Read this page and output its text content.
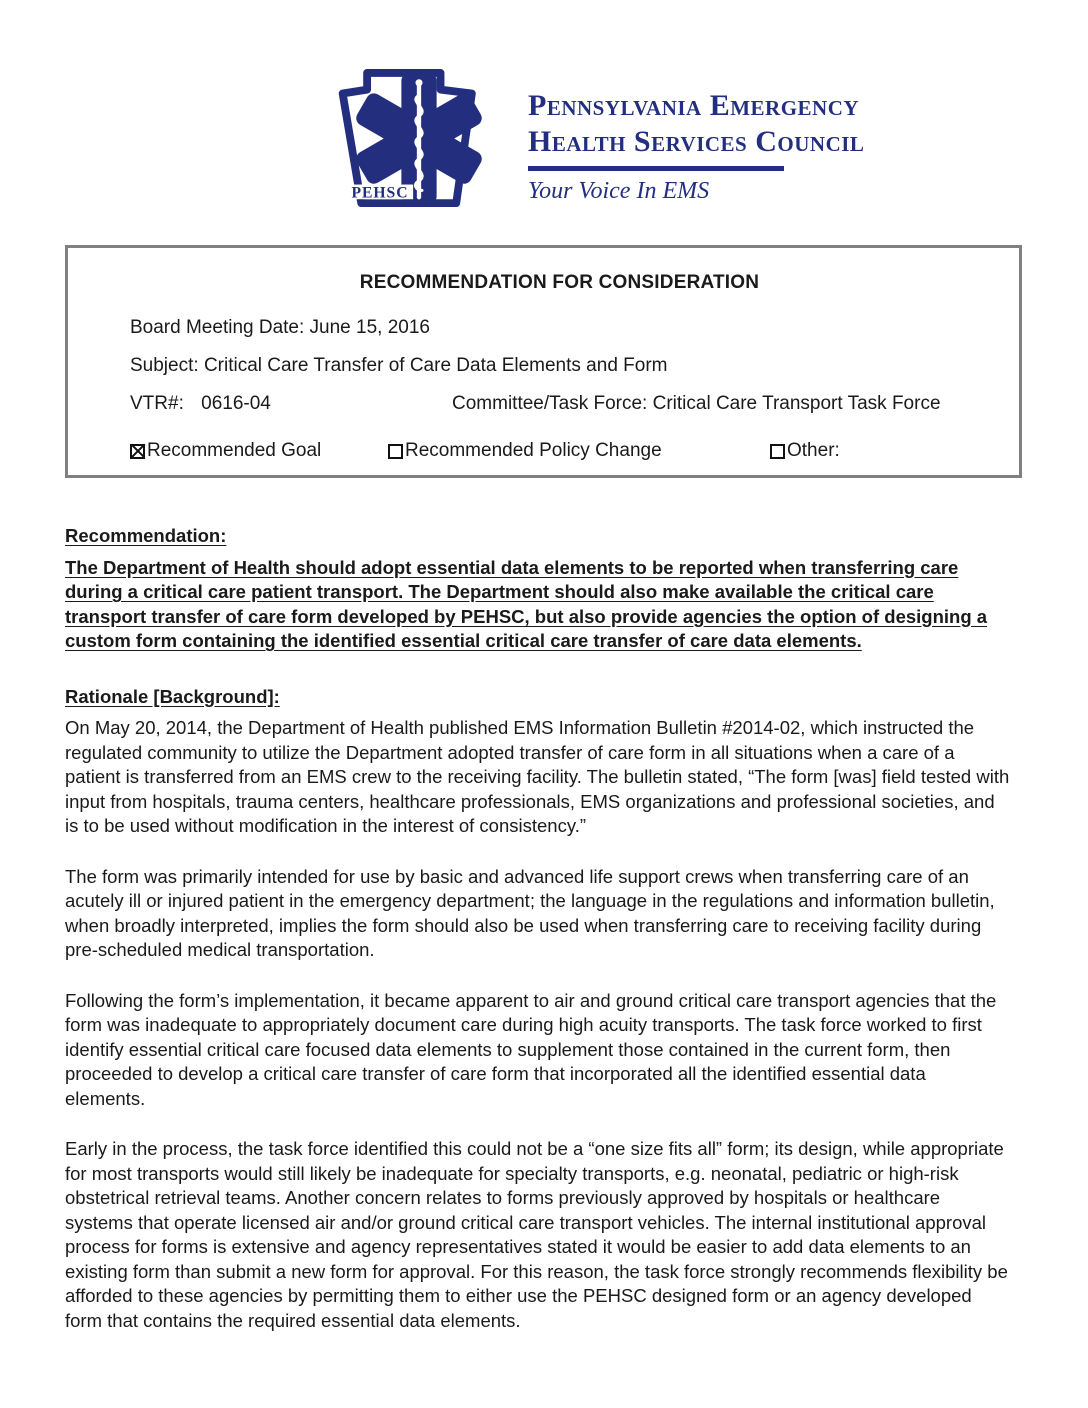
PEHSC
Pennsylvania Emergency
Health Services Council
Your Voice In EMS
RECOMMENDATION FOR CONSIDERATION
Board Meeting Date: June 15, 2016
Subject: Critical Care Transfer of Care Data Elements and Form
VTR#: 0616-04	Committee/Task Force: Critical Care Transport Task Force
Recommended Goal	Recommended Policy Change	Other:
Recommendation:

The Department of Health should adopt essential data elements to be reported when transferring care during a critical care patient transport. The Department should also make available the critical care transport transfer of care form developed by PEHSC, but also provide agencies the option of designing a custom form containing the identified essential critical care transfer of care data elements.

Rationale [Background]:

On May 20, 2014, the Department of Health published EMS Information Bulletin #2014-02, which instructed the regulated community to utilize the Department adopted transfer of care form in all situations when a care of a patient is transferred from an EMS crew to the receiving facility. The bulletin stated, “The form [was] field tested with input from hospitals, trauma centers, healthcare professionals, EMS organizations and professional societies, and is to be used without modification in the interest of consistency.”

The form was primarily intended for use by basic and advanced life support crews when transferring care of an acutely ill or injured patient in the emergency department; the language in the regulations and information bulletin, when broadly interpreted, implies the form should also be used when transferring care to receiving facility during pre-scheduled medical transportation.

Following the form’s implementation, it became apparent to air and ground critical care transport agencies that the form was inadequate to appropriately document care during high acuity transports. The task force worked to first identify essential critical care focused data elements to supplement those contained in the current form, then proceeded to develop a critical care transfer of care form that incorporated all the identified essential data elements.

Early in the process, the task force identified this could not be a “one size fits all” form; its design, while appropriate for most transports would still likely be inadequate for specialty transports, e.g. neonatal, pediatric or high-risk obstetrical retrieval teams. Another concern relates to forms previously approved by hospitals or healthcare systems that operate licensed air and/or ground critical care transport vehicles. The internal institutional approval process for forms is extensive and agency representatives stated it would be easier to add data elements to an existing form than submit a new form for approval. For this reason, the task force strongly recommends flexibility be afforded to these agencies by permitting them to either use the PEHSC designed form or an agency developed form that contains the required essential data elements.
